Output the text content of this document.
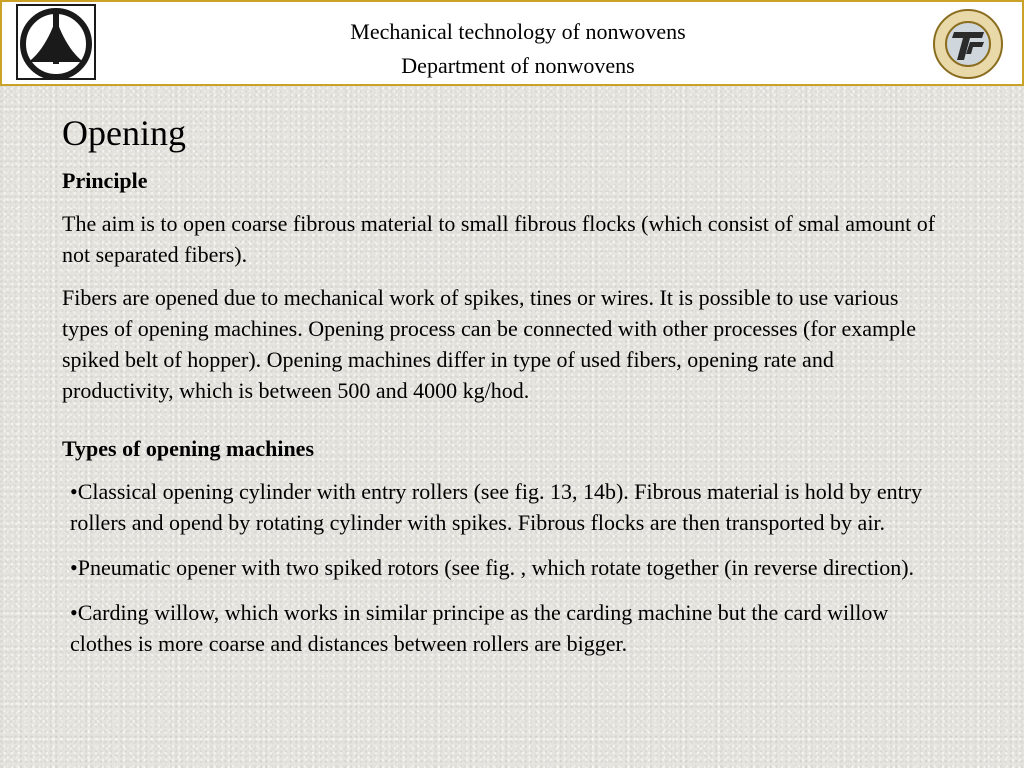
Mechanical technology of nonwovens
Department of nonwovens
Opening
Principle
The aim is to open coarse fibrous material to small fibrous flocks (which consist of smal amount of not separated fibers).
Fibers are opened due to mechanical work of spikes, tines or wires. It is possible to use various types of opening machines. Opening process can be connected with other processes (for example spiked belt of hopper). Opening machines differ in type of used fibers, opening rate and productivity, which is between 500 and 4000 kg/hod.
Types of opening machines
•Classical opening cylinder with entry rollers (see fig. 13, 14b). Fibrous material is hold by entry rollers and opend by rotating cylinder with spikes. Fibrous flocks are then transported by air.
•Pneumatic opener with two spiked rotors (see fig. , which rotate together (in reverse direction).
•Carding willow, which works in similar principe as the carding machine but the card willow clothes is more coarse and distances between rollers are bigger.
